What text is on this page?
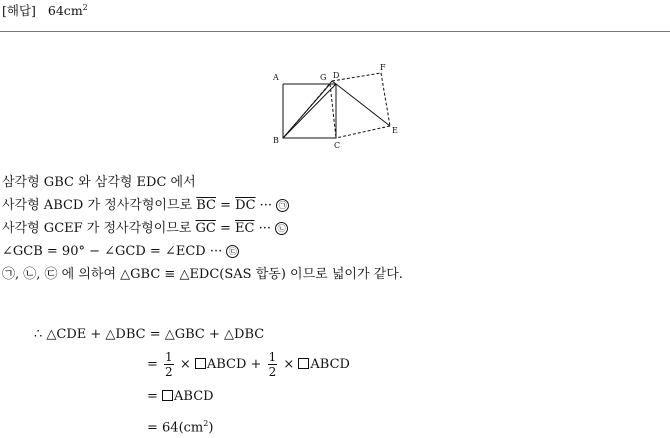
[해답] $64cm^2$
A
B
G D
F
E
C
삼각형 GBC 와 삼각형 EDC 에서
사각형 ABCD 가 정사각형이므로 $\overline{BC} = \overline{DC}$ ··· ㉠
사각형 GCEF 가 정사각형이므로 $\overline{GC} = \overline{EC}$ ··· ㉡
∠GCB = 90° − ∠GCD = ∠ECD ··· ㉢
㉠, ㉡, ㉢ 에 의하여 △GBC ≡ △EDC(SAS 합동) 이므로 넓이가 같다.
∴ △CDE + △DBC = △GBC + △DBC
= $\frac{1}{2}$ × ABCD + $\frac{1}{2}$ × ABCD
= ABCD
= $64(cm^2)$
